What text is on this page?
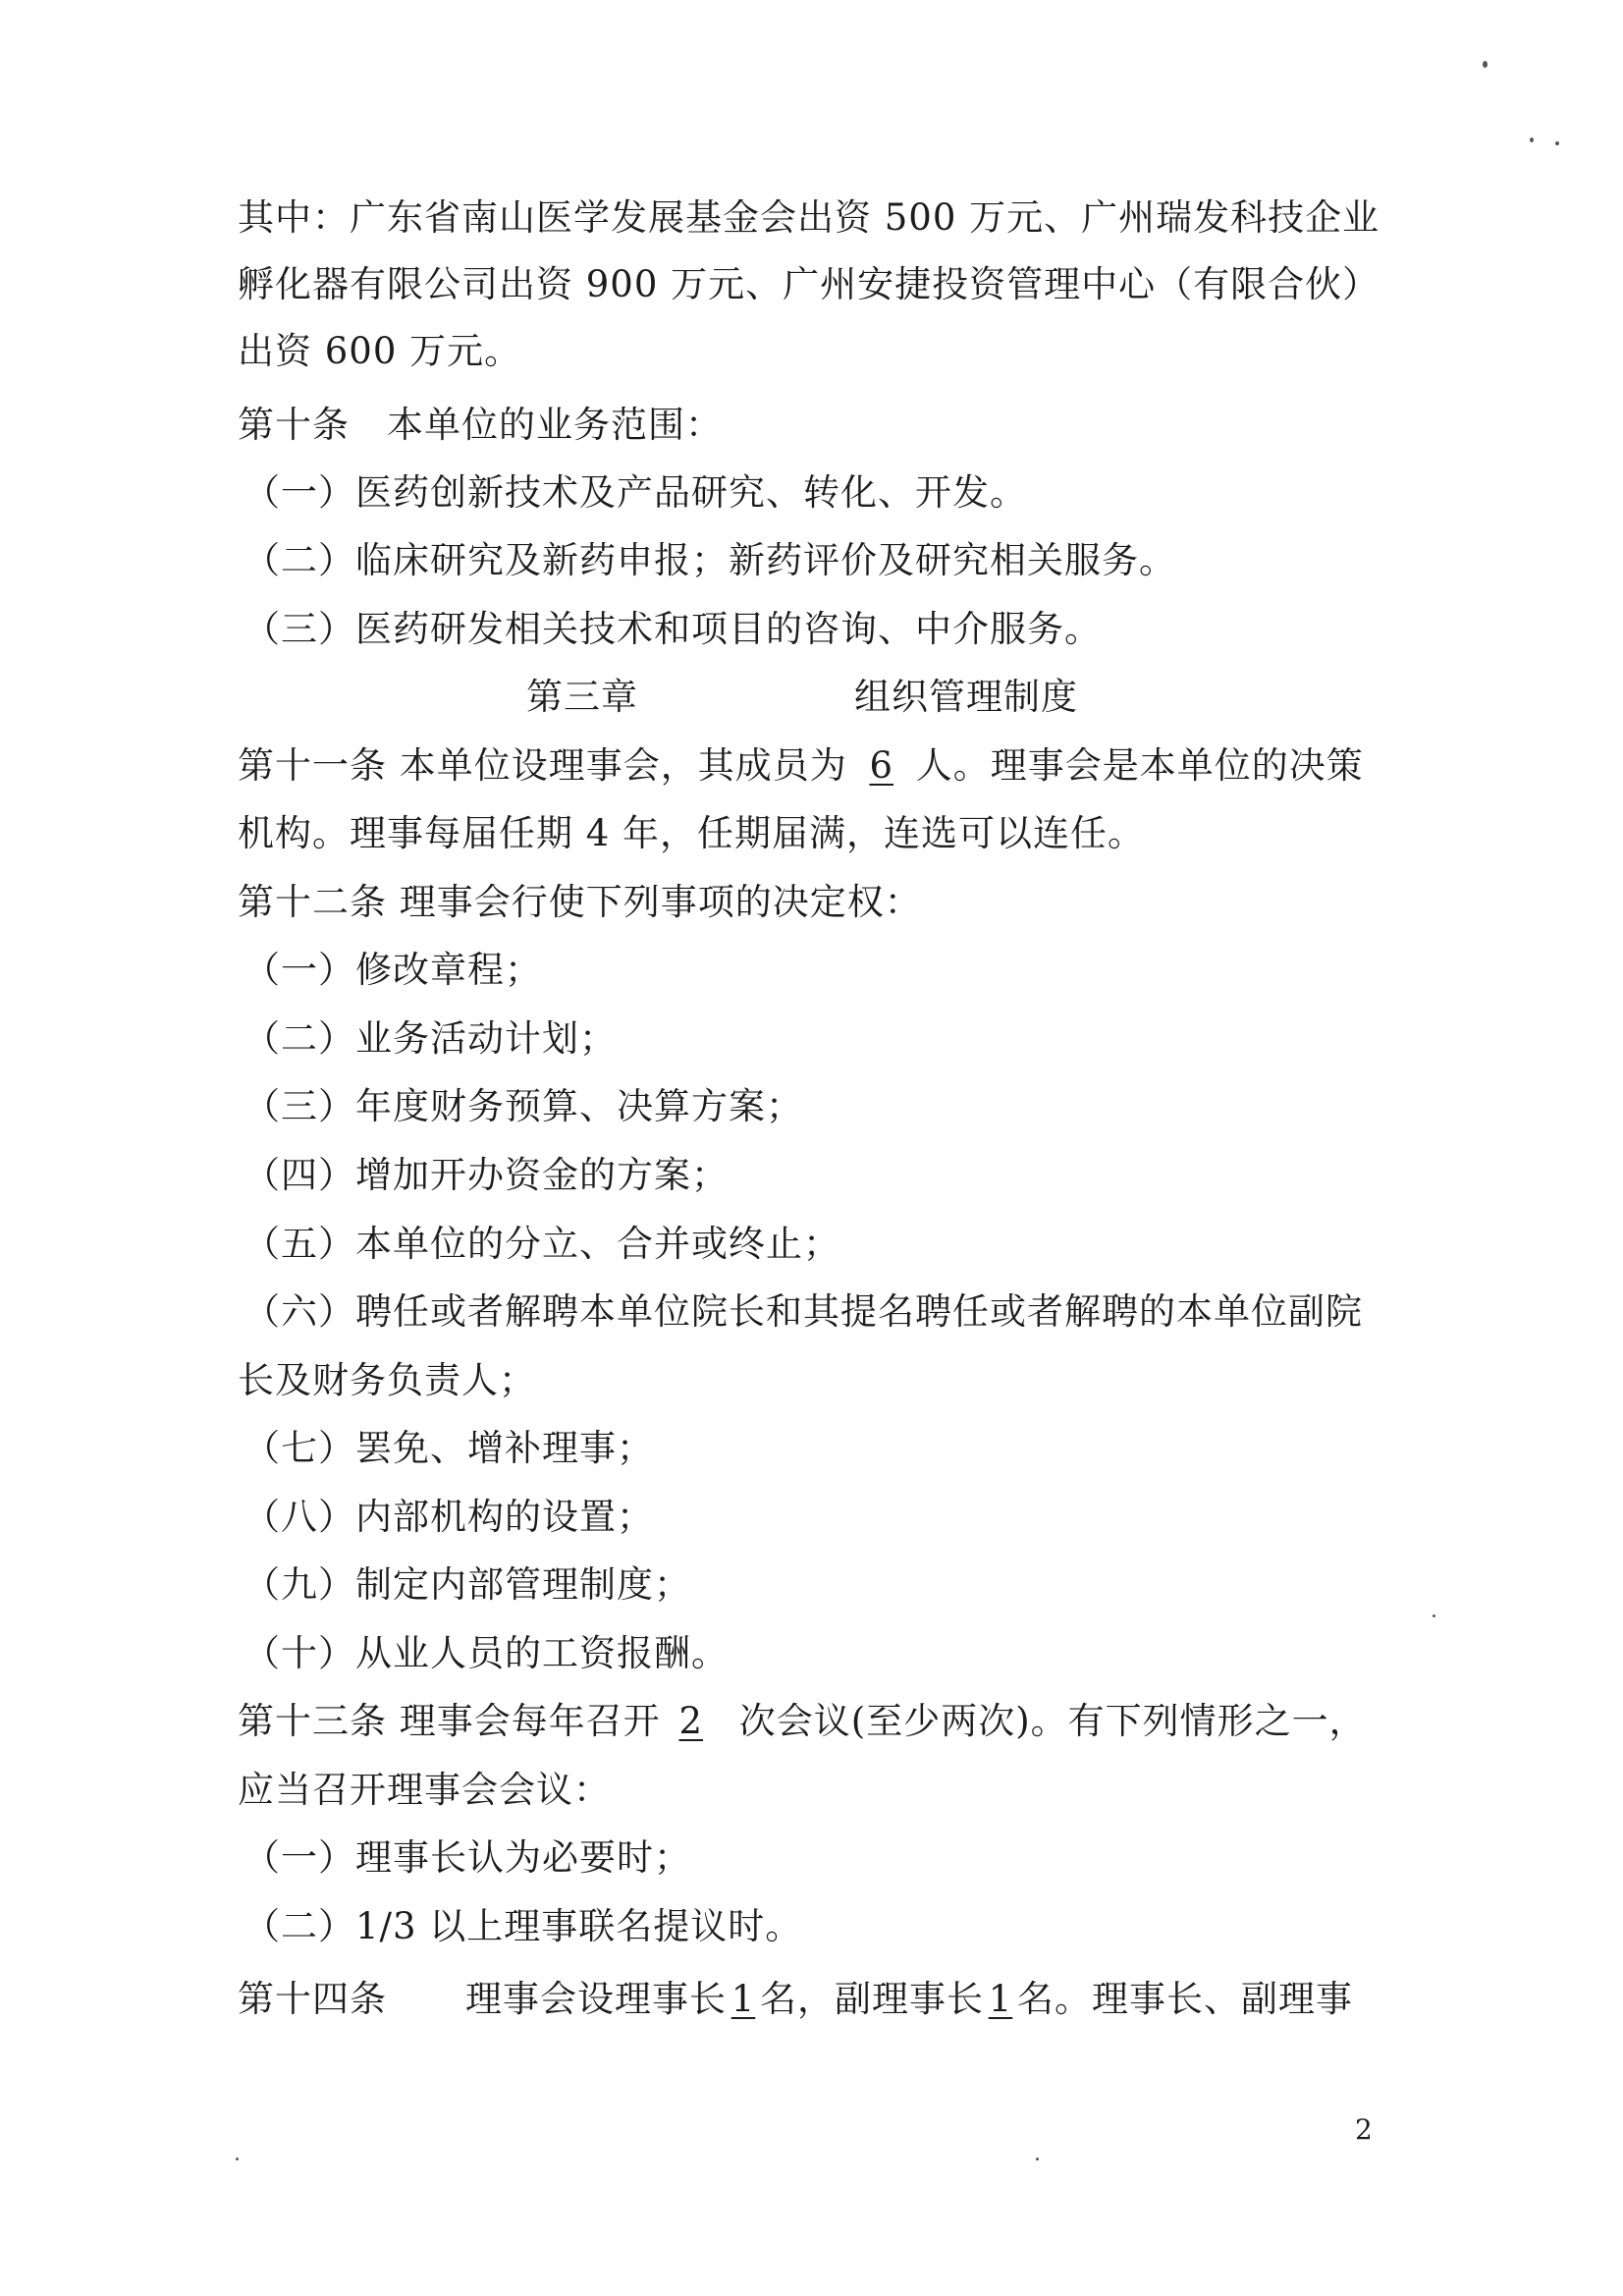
其中：广东省南山医学发展基金会出资 500 万元、广州瑞发科技企业
孵化器有限公司出资 900 万元、广州安捷投资管理中心（有限合伙）
出资 600 万元。
第十条 本单位的业务范围：
（一）医药创新技术及产品研究、转化、开发。
（二）临床研究及新药申报；新药评价及研究相关服务。
（三）医药研发相关技术和项目的咨询、中介服务。
第三章	组织管理制度
第十一条 本单位设理事会，其成员为 6 人。理事会是本单位的决策
机构。理事每届任期 4 年，任期届满，连选可以连任。
第十二条 理事会行使下列事项的决定权：
（一）修改章程；
（二）业务活动计划；
（三）年度财务预算、决算方案；
（四）增加开办资金的方案；
（五）本单位的分立、合并或终止；
（六）聘任或者解聘本单位院长和其提名聘任或者解聘的本单位副院
长及财务负责人；
（七）罢免、增补理事；
（八）内部机构的设置；
（九）制定内部管理制度；
（十）从业人员的工资报酬。
第十三条 理事会每年召开 2 次会议(至少两次)。有下列情形之一，
应当召开理事会会议：
（一）理事长认为必要时；
（二）1/3 以上理事联名提议时。
第十四条 理事会设理事长 1 名，副理事长 1 名。理事长、副理事
2
